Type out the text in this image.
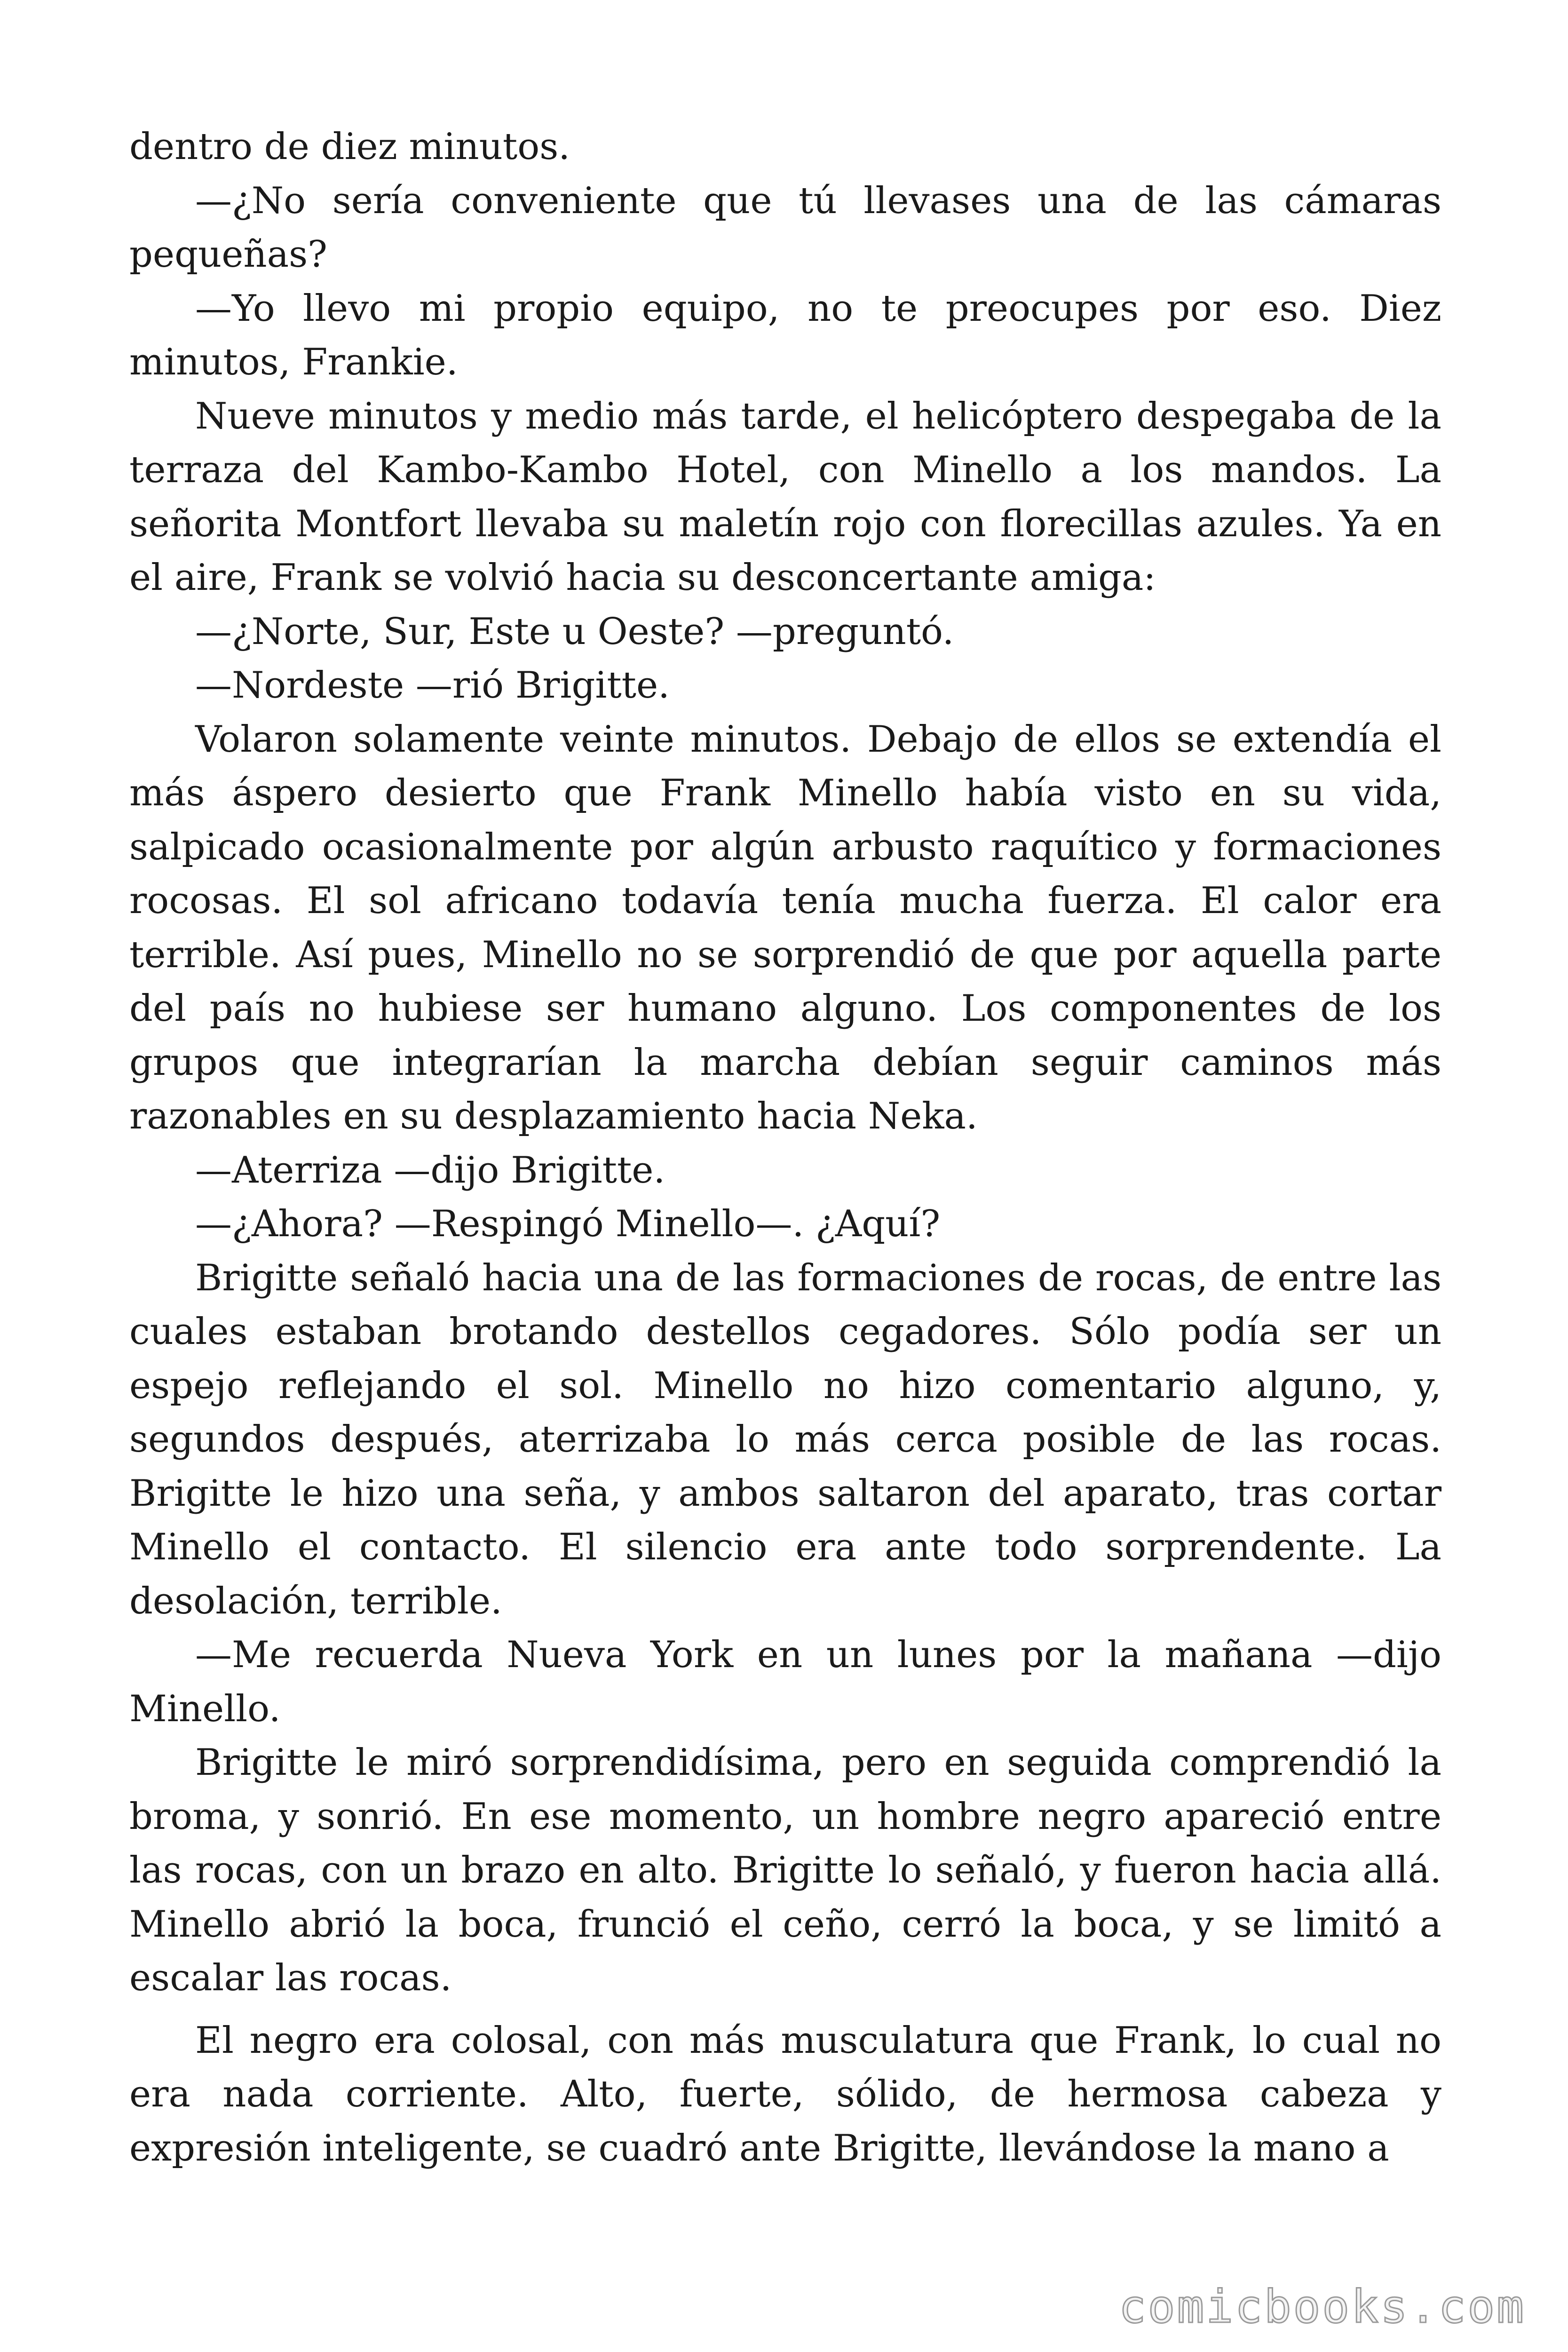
dentro de diez minutos.

—¿No sería conveniente que tú llevases una de las cámaras pequeñas?

—Yo llevo mi propio equipo, no te preocupes por eso. Diez minutos, Frankie.

Nueve minutos y medio más tarde, el helicóptero despegaba de la terraza del Kambo-Kambo Hotel, con Minello a los mandos. La señorita Montfort llevaba su maletín rojo con florecillas azules. Ya en el aire, Frank se volvió hacia su desconcertante amiga:

—¿Norte, Sur, Este u Oeste? —preguntó.

—Nordeste —rió Brigitte.

Volaron solamente veinte minutos. Debajo de ellos se extendía el más áspero desierto que Frank Minello había visto en su vida, salpicado ocasionalmente por algún arbusto raquítico y formaciones rocosas. El sol africano todavía tenía mucha fuerza. El calor era terrible. Así pues, Minello no se sorprendió de que por aquella parte del país no hubiese ser humano alguno. Los componentes de los grupos que integrarían la marcha debían seguir caminos más razonables en su desplazamiento hacia Neka.

—Aterriza —dijo Brigitte.

—¿Ahora? —Respingó Minello—. ¿Aquí?

Brigitte señaló hacia una de las formaciones de rocas, de entre las cuales estaban brotando destellos cegadores. Sólo podía ser un espejo reflejando el sol. Minello no hizo comentario alguno, y, segundos después, aterrizaba lo más cerca posible de las rocas. Brigitte le hizo una seña, y ambos saltaron del aparato, tras cortar Minello el contacto. El silencio era ante todo sorprendente. La desolación, terrible.

—Me recuerda Nueva York en un lunes por la mañana —dijo Minello.

Brigitte le miró sorprendidísima, pero en seguida comprendió la broma, y sonrió. En ese momento, un hombre negro apareció entre las rocas, con un brazo en alto. Brigitte lo señaló, y fueron hacia allá. Minello abrió la boca, frunció el ceño, cerró la boca, y se limitó a escalar las rocas.

El negro era colosal, con más musculatura que Frank, lo cual no era nada corriente. Alto, fuerte, sólido, de hermosa cabeza y expresión inteligente, se cuadró ante Brigitte, llevándose la mano a

comicbooks.com
